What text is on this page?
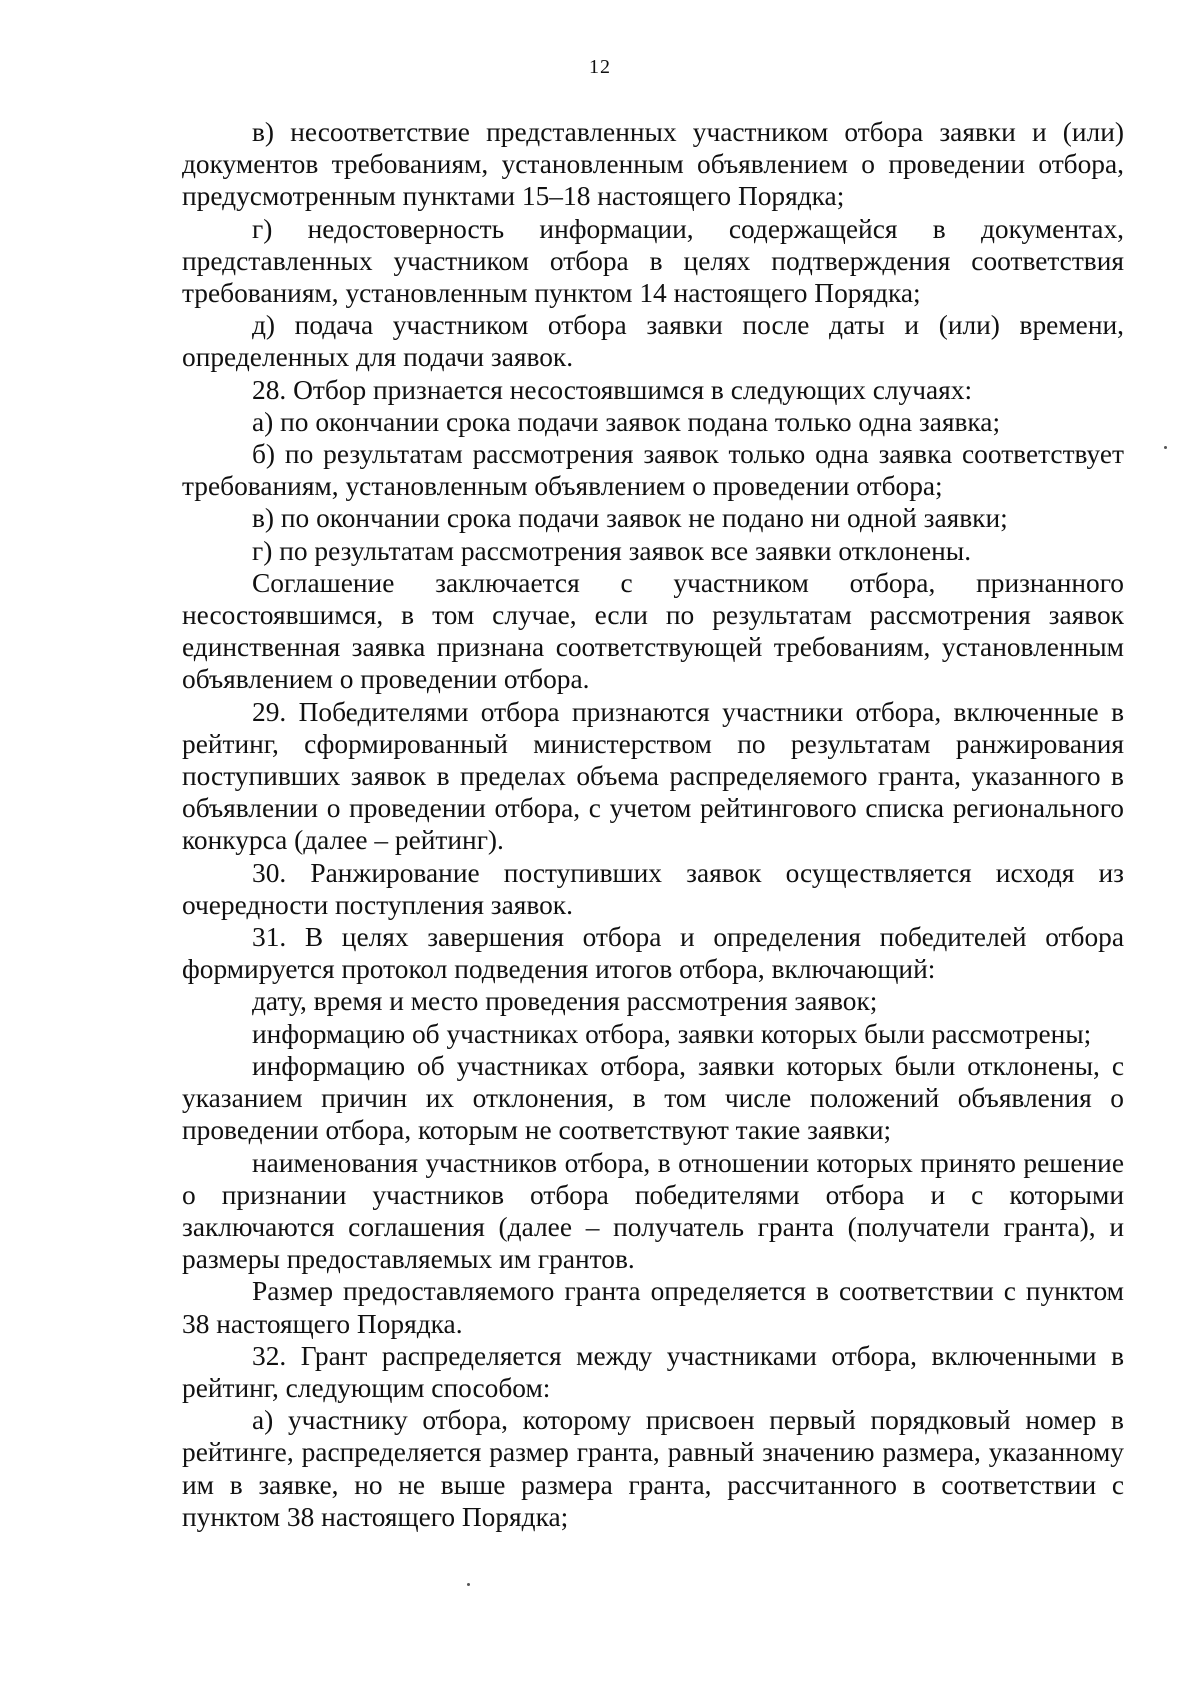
12

в) несоответствие представленных участником отбора заявки и (или) документов требованиям, установленным объявлением о проведении отбора, предусмотренным пунктами 15–18 настоящего Порядка;

г) недостоверность информации, содержащейся в документах, представленных участником отбора в целях подтверждения соответствия требованиям, установленным пунктом 14 настоящего Порядка;

д) подача участником отбора заявки после даты и (или) времени, определенных для подачи заявок.

28. Отбор признается несостоявшимся в следующих случаях:

а) по окончании срока подачи заявок подана только одна заявка;

б) по результатам рассмотрения заявок только одна заявка соответствует требованиям, установленным объявлением о проведении отбора;

в) по окончании срока подачи заявок не подано ни одной заявки;

г) по результатам рассмотрения заявок все заявки отклонены.

Соглашение заключается с участником отбора, признанного несостоявшимся, в том случае, если по результатам рассмотрения заявок единственная заявка признана соответствующей требованиям, установленным объявлением о проведении отбора.

29. Победителями отбора признаются участники отбора, включенные в рейтинг, сформированный министерством по результатам ранжирования поступивших заявок в пределах объема распределяемого гранта, указанного в объявлении о проведении отбора, с учетом рейтингового списка регионального конкурса (далее – рейтинг).

30. Ранжирование поступивших заявок осуществляется исходя из очередности поступления заявок.

31. В целях завершения отбора и определения победителей отбора формируется протокол подведения итогов отбора, включающий:

дату, время и место проведения рассмотрения заявок;

информацию об участниках отбора, заявки которых были рассмотрены;

информацию об участниках отбора, заявки которых были отклонены, с указанием причин их отклонения, в том числе положений объявления о проведении отбора, которым не соответствуют такие заявки;

наименования участников отбора, в отношении которых принято решение о признании участников отбора победителями отбора и с которыми заключаются соглашения (далее – получатель гранта (получатели гранта), и размеры предоставляемых им грантов.

Размер предоставляемого гранта определяется в соответствии с пунктом 38 настоящего Порядка.

32. Грант распределяется между участниками отбора, включенными в рейтинг, следующим способом:

а) участнику отбора, которому присвоен первый порядковый номер в рейтинге, распределяется размер гранта, равный значению размера, указанному им в заявке, но не выше размера гранта, рассчитанного в соответствии с пунктом 38 настоящего Порядка;
